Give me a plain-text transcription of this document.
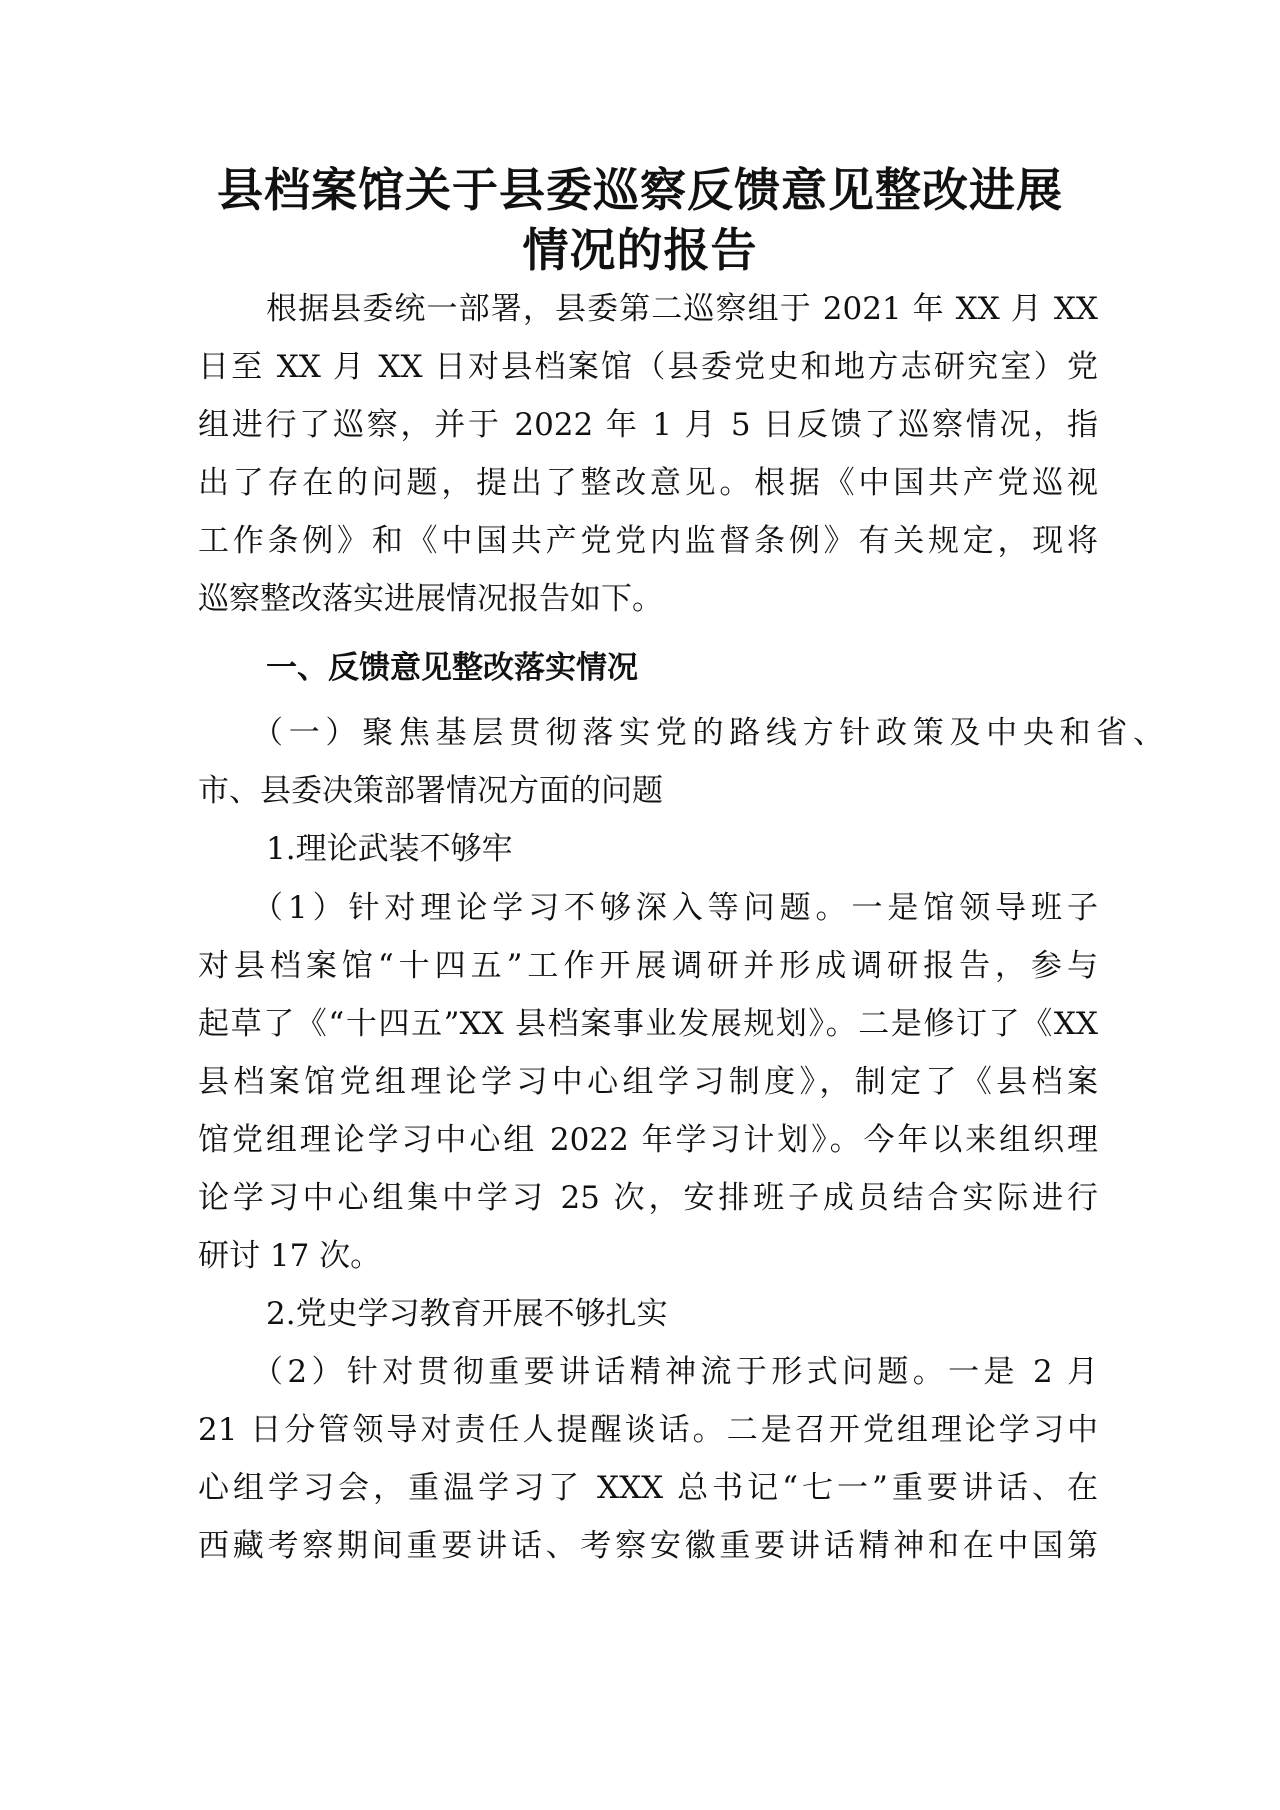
县档案馆关于县委巡察反馈意见整改进展
情况的报告
根据县委统一部署，县委第二巡察组于 2021 年 XX 月 XX
日至 XX 月 XX 日对县档案馆（县委党史和地方志研究室）党
组进行了巡察，并于 2022 年 1 月 5 日反馈了巡察情况，指
出了存在的问题，提出了整改意见。根据《中国共产党巡视
工作条例》和《中国共产党党内监督条例》有关规定，现将
巡察整改落实进展情况报告如下。
一、反馈意见整改落实情况
（一）聚焦基层贯彻落实党的路线方针政策及中央和省、
市、县委决策部署情况方面的问题
1.理论武装不够牢
（1）针对理论学习不够深入等问题。一是馆领导班子
对县档案馆“十四五”工作开展调研并形成调研报告，参与
起草了《“十四五”XX 县档案事业发展规划》。二是修订了《XX
县档案馆党组理论学习中心组学习制度》，制定了《县档案
馆党组理论学习中心组 2022 年学习计划》。今年以来组织理
论学习中心组集中学习 25 次，安排班子成员结合实际进行
研讨 17 次。
2.党史学习教育开展不够扎实
（2）针对贯彻重要讲话精神流于形式问题。一是 2 月
21 日分管领导对责任人提醒谈话。二是召开党组理论学习中
心组学习会，重温学习了 XXX 总书记“七一”重要讲话、在
西藏考察期间重要讲话、考察安徽重要讲话精神和在中国第
